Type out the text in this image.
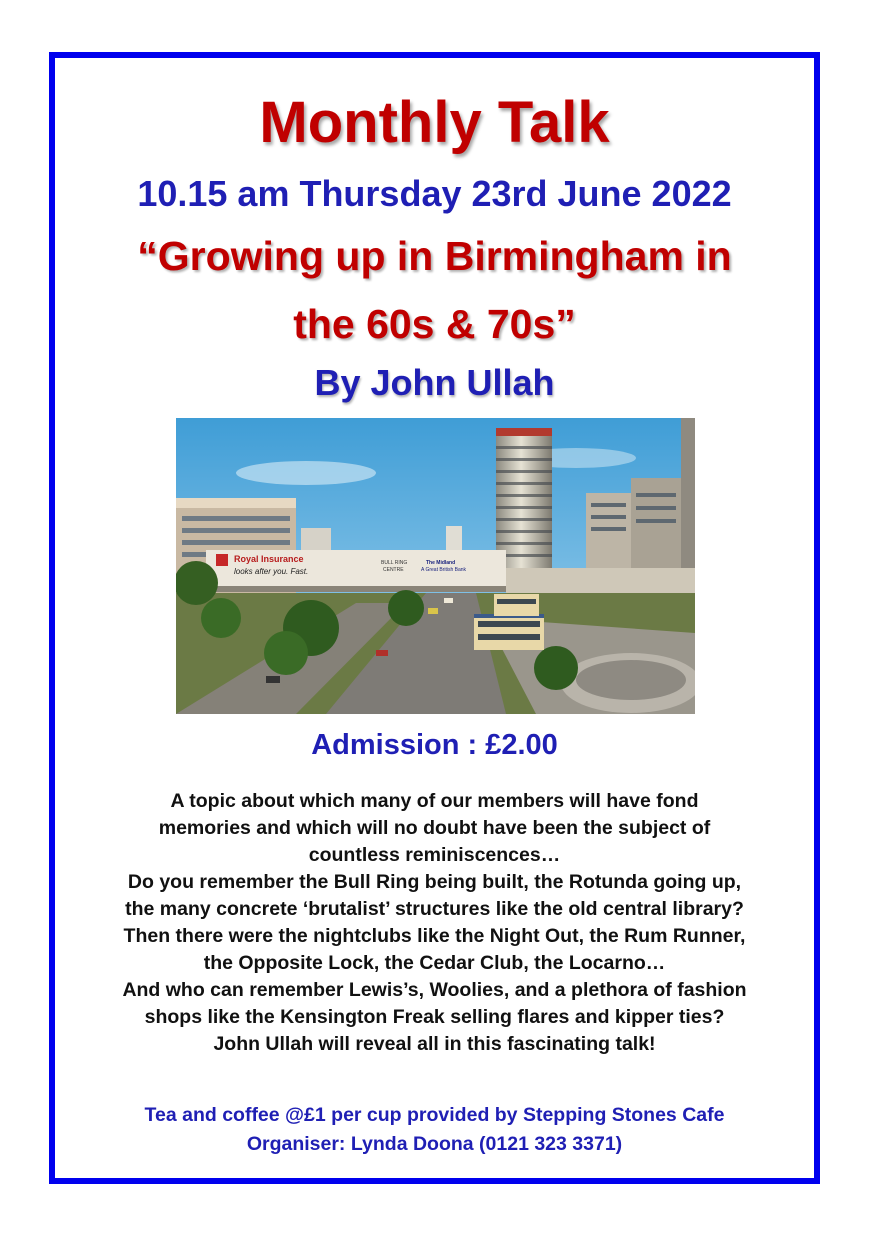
Monthly Talk
10.15 am Thursday 23rd June 2022
“Growing up in Birmingham in
the 60s & 70s”
By John Ullah
Royal Insurance
looks after you. Fast.
BULL RING
CENTRE
The Midland
A Great British Bank
Admission : £2.00
A topic about which many of our members will have fond
memories and which will no doubt have been the subject of
countless reminiscences…
Do you remember the Bull Ring being built, the Rotunda going up,
the many concrete ‘brutalist’ structures like the old central library?
Then there were the nightclubs like the Night Out, the Rum Runner,
the Opposite Lock, the Cedar Club, the Locarno…
And who can remember Lewis’s, Woolies, and a plethora of fashion
shops like the Kensington Freak selling flares and kipper ties?
John Ullah will reveal all in this fascinating talk!
Tea and coffee @£1 per cup provided by Stepping Stones Cafe
Organiser: Lynda Doona (0121 323 3371)
